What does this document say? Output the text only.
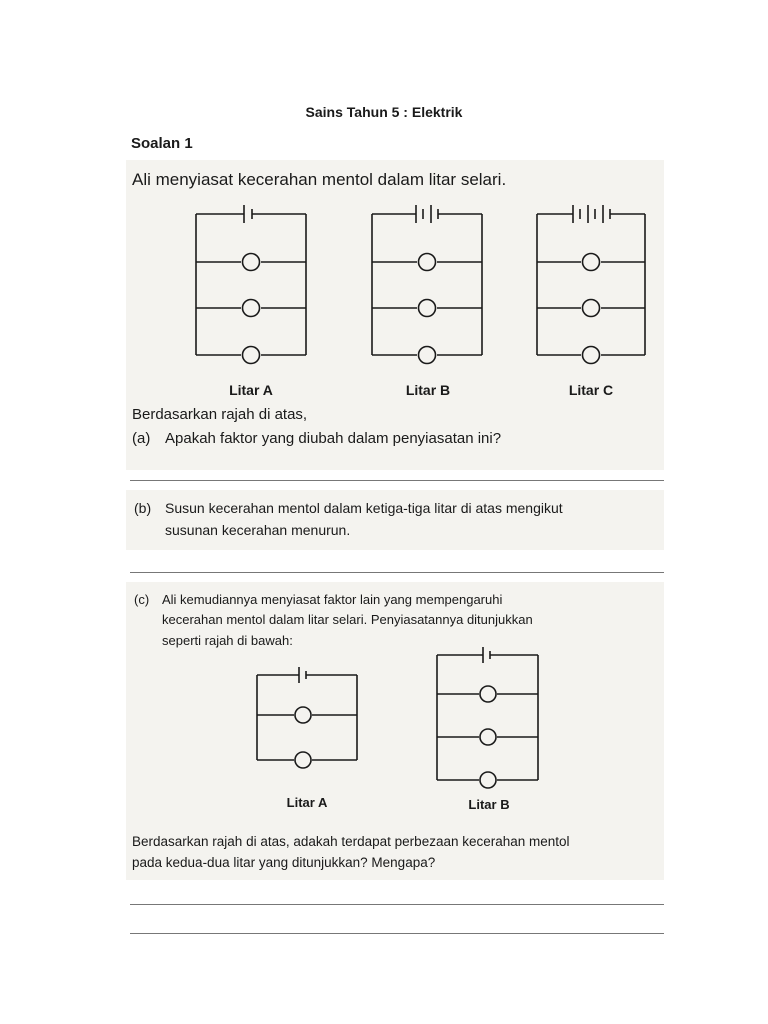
Sains Tahun 5 : Elektrik
Soalan 1
Ali menyiasat kecerahan mentol dalam litar selari.
Litar A	Litar B	Litar C
Berdasarkan rajah di atas,
(a) Apakah faktor yang diubah dalam penyiasatan ini?
(b) Susun kecerahan mentol dalam ketiga-tiga litar di atas mengikut
susunan kecerahan menurun.
(c) Ali kemudiannya menyiasat faktor lain yang mempengaruhi
kecerahan mentol dalam litar selari. Penyiasatannya ditunjukkan
seperti rajah di bawah:
Litar A	Litar B
Berdasarkan rajah di atas, adakah terdapat perbezaan kecerahan mentol
pada kedua-dua litar yang ditunjukkan? Mengapa?
